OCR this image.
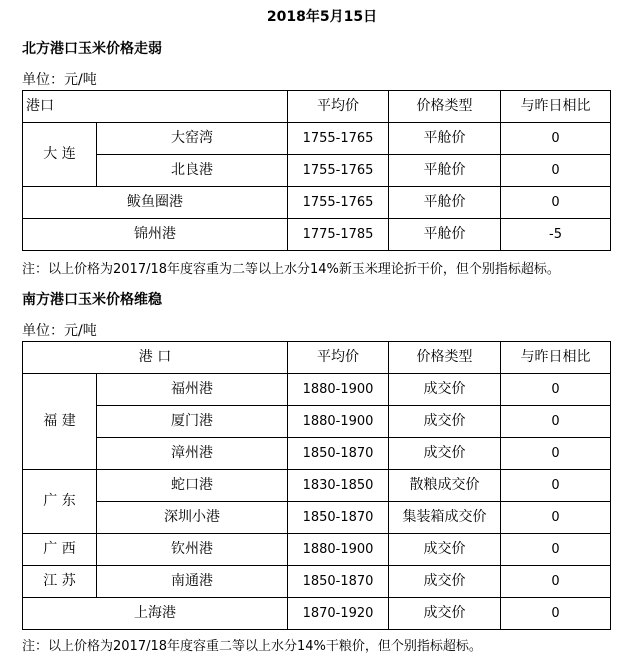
2018年5月15日
北方港口玉米价格走弱
单位：元/吨
港口		平均价	价格类型	与昨日相比
大 连	大窑湾	1755-1765	平舱价	0
	北良港	1755-1765	平舱价	0
鲅鱼圈港		1755-1765	平舱价	0
锦州港		1775-1785	平舱价	-5
注：以上价格为2017/18年度容重为二等以上水分14%新玉米理论折干价，但个别指标超标。
南方港口玉米价格维稳
单位：元/吨
港 口		平均价	价格类型	与昨日相比
福 建	福州港	1880-1900	成交价	0
	厦门港	1880-1900	成交价	0
	漳州港	1850-1870	成交价	0
广 东	蛇口港	1830-1850	散粮成交价	0
	深圳小港	1850-1870	集装箱成交价	0
广 西	钦州港	1880-1900	成交价	0
江 苏	南通港	1850-1870	成交价	0
上海港		1870-1920	成交价	0
注：以上价格为2017/18年度容重二等以上水分14%干粮价，但个别指标超标。
